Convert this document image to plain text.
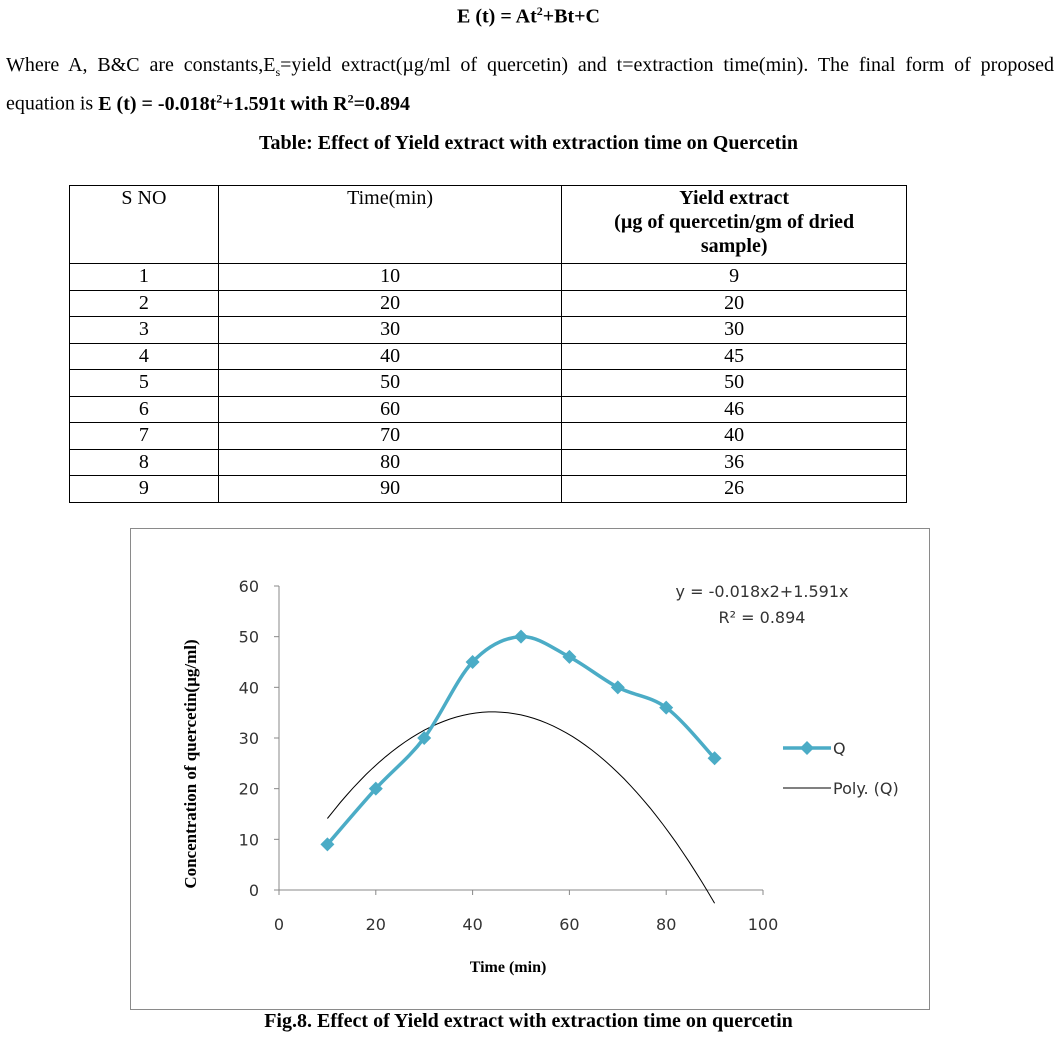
E $(t) = At^2+Bt+C$
Where A, B&C are $constants,E_s=yield$ extract(µg/ml of quercetin) and t=extraction time(min). The final form of proposed equation is E $(t) = -0.018t^2+1.591t$ with $R^2=0.894$
Table: Effect of Yield extract with extraction time on Quercetin
S NO	Time(min)	Yield extract
(µg of quercetin/gm of dried
sample)
1	10	9
2	20	20
3	30	30
4	40	45
5	50	50
6	60	46
7	70	40
8	80	36
9	90	26
0
10
20
30
40
50
60
0	20	40	60	80	100
y = -0.018x2+1.591x
R² = 0.894
Q
Poly. (Q)
Time (min)
Concentration of quercetin(µg/ml)
Fig.8. Effect of Yield extract with extraction time on quercetin
